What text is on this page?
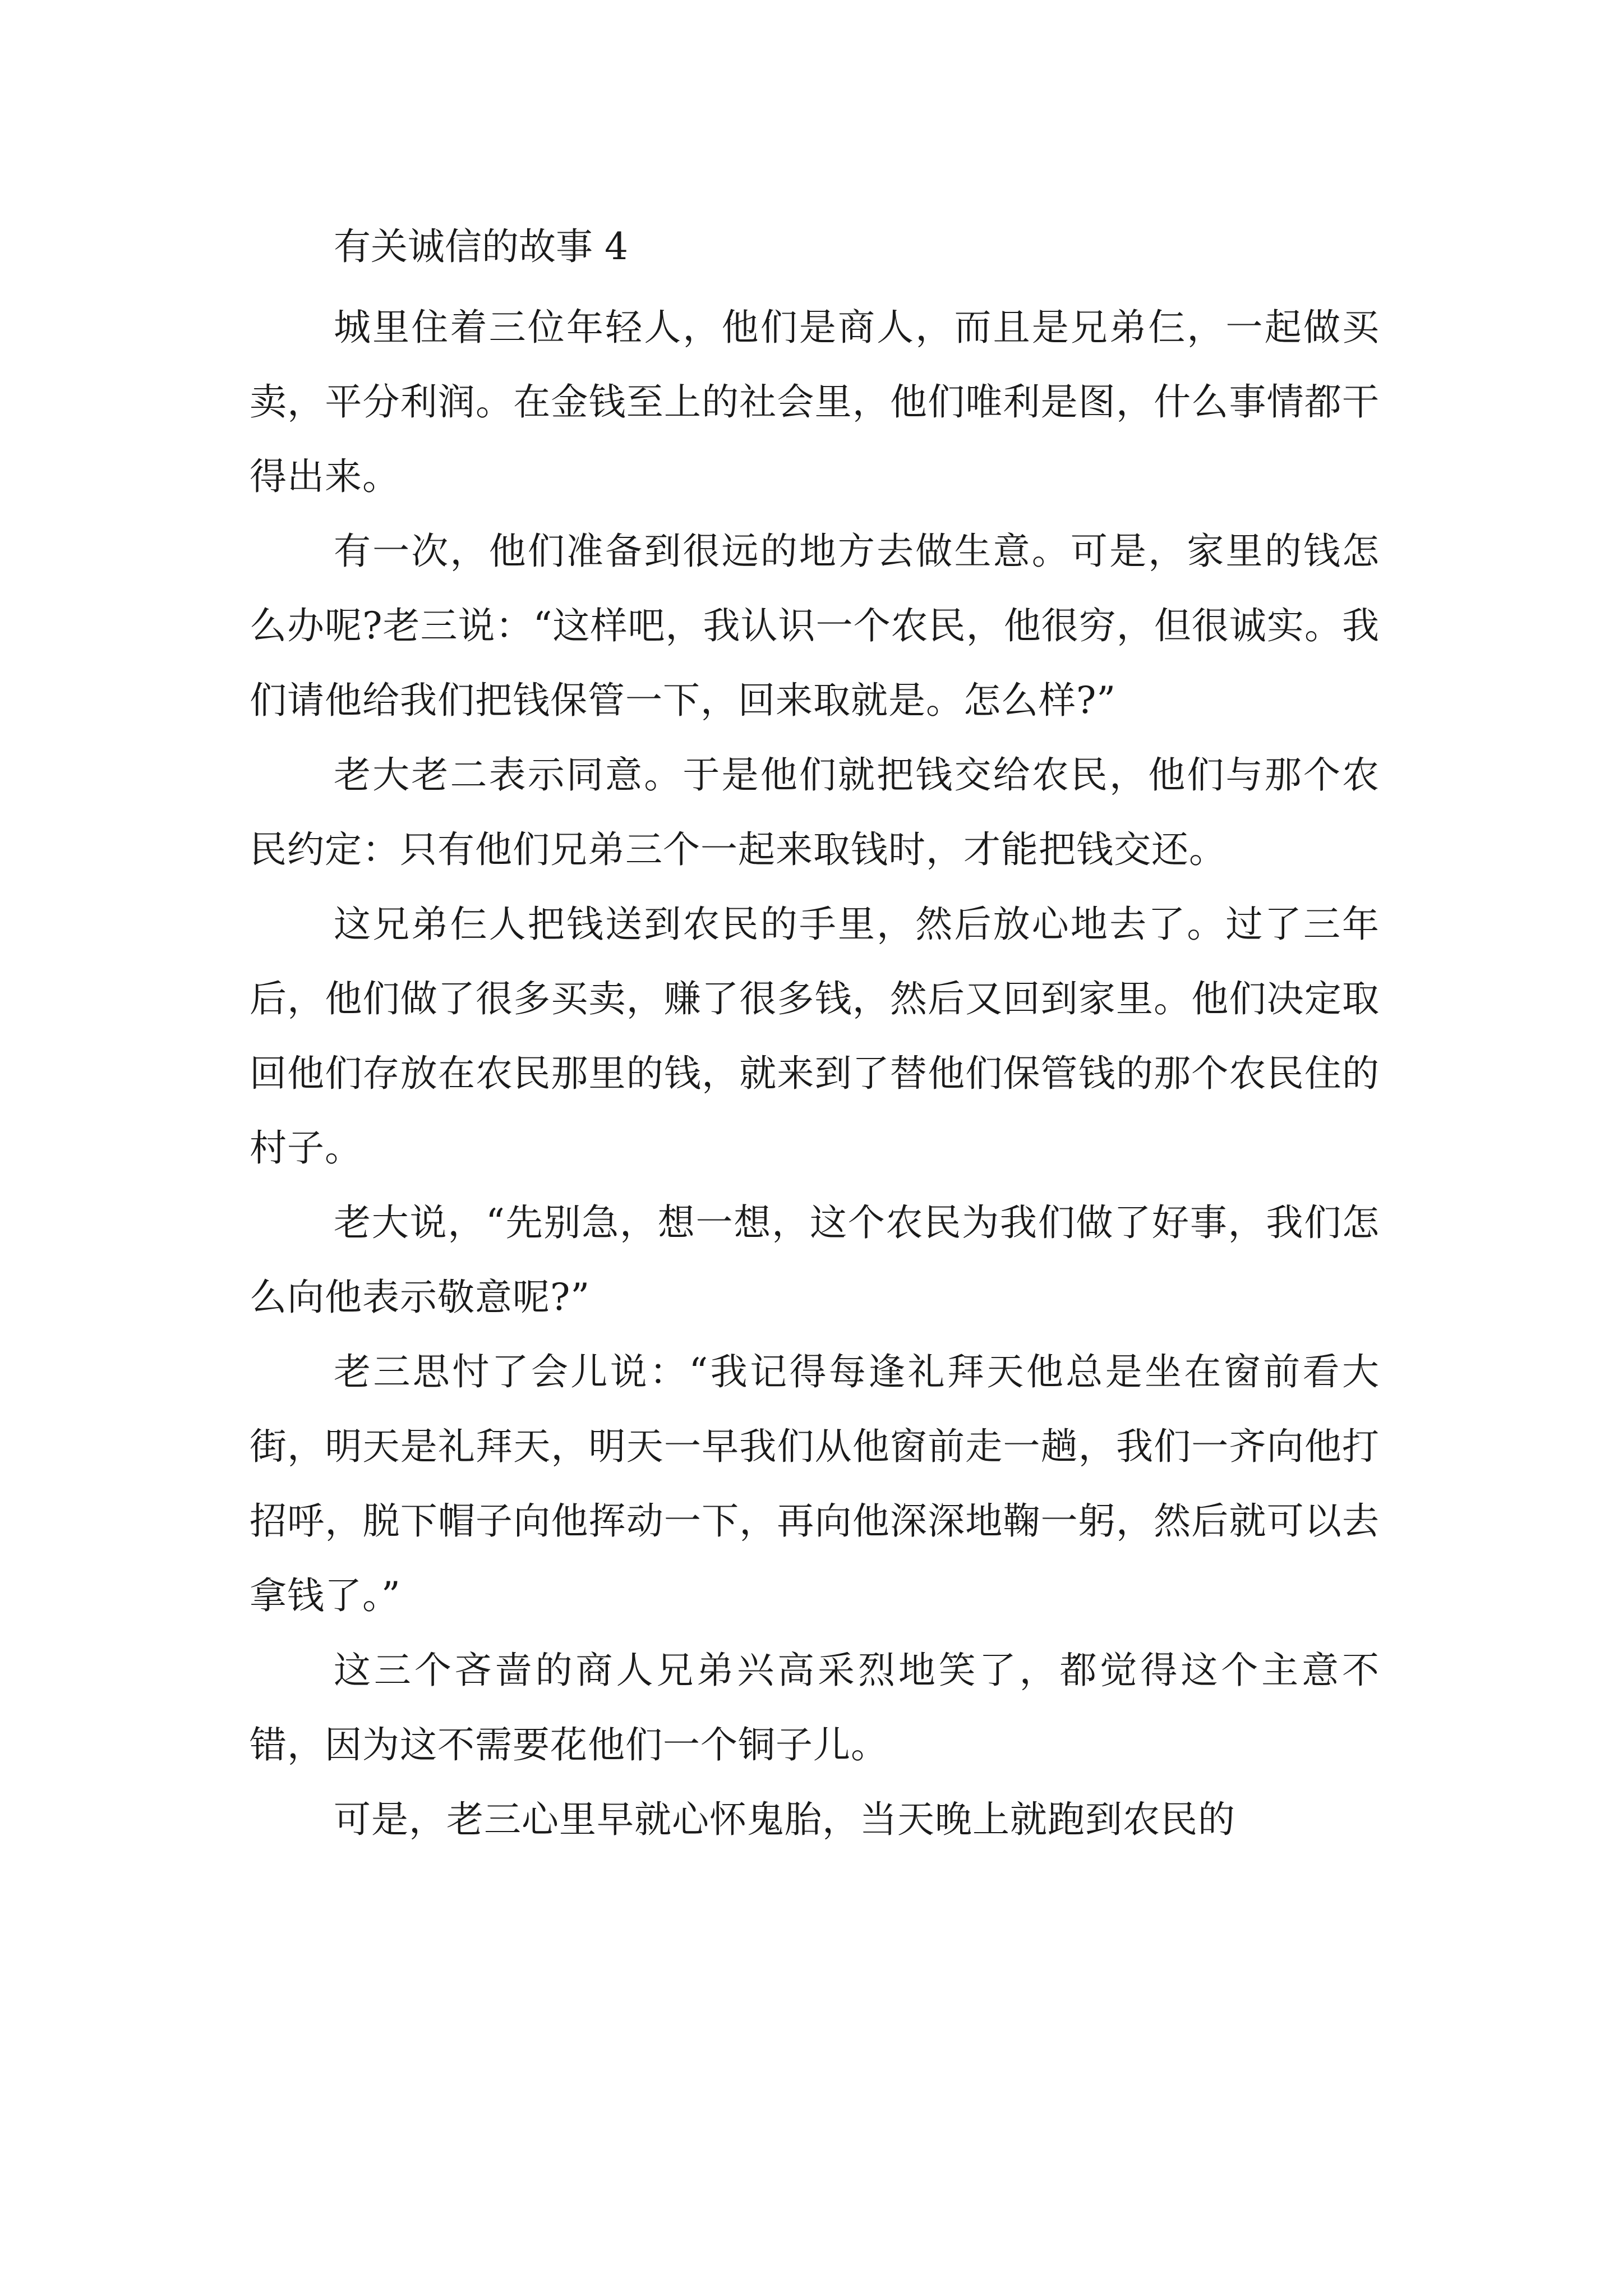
有关诚信的故事 4

城里住着三位年轻人，他们是商人，而且是兄弟仨，一起做买卖，平分利润。在金钱至上的社会里，他们唯利是图，什么事情都干得出来。

有一次，他们准备到很远的地方去做生意。可是，家里的钱怎么办呢?老三说：“这样吧，我认识一个农民，他很穷，但很诚实。我们请他给我们把钱保管一下，回来取就是。怎么样?”

老大老二表示同意。于是他们就把钱交给农民，他们与那个农民约定：只有他们兄弟三个一起来取钱时，才能把钱交还。

这兄弟仨人把钱送到农民的手里，然后放心地去了。过了三年后，他们做了很多买卖，赚了很多钱，然后又回到家里。他们决定取回他们存放在农民那里的钱，就来到了替他们保管钱的那个农民住的村子。

老大说，“先别急，想一想，这个农民为我们做了好事，我们怎么向他表示敬意呢?”

老三思忖了会儿说：“我记得每逢礼拜天他总是坐在窗前看大街，明天是礼拜天，明天一早我们从他窗前走一趟，我们一齐向他打招呼，脱下帽子向他挥动一下，再向他深深地鞠一躬，然后就可以去拿钱了。”

这三个吝啬的商人兄弟兴高采烈地笑了，都觉得这个主意不错，因为这不需要花他们一个铜子儿。

可是，老三心里早就心怀鬼胎，当天晚上就跑到农民的
